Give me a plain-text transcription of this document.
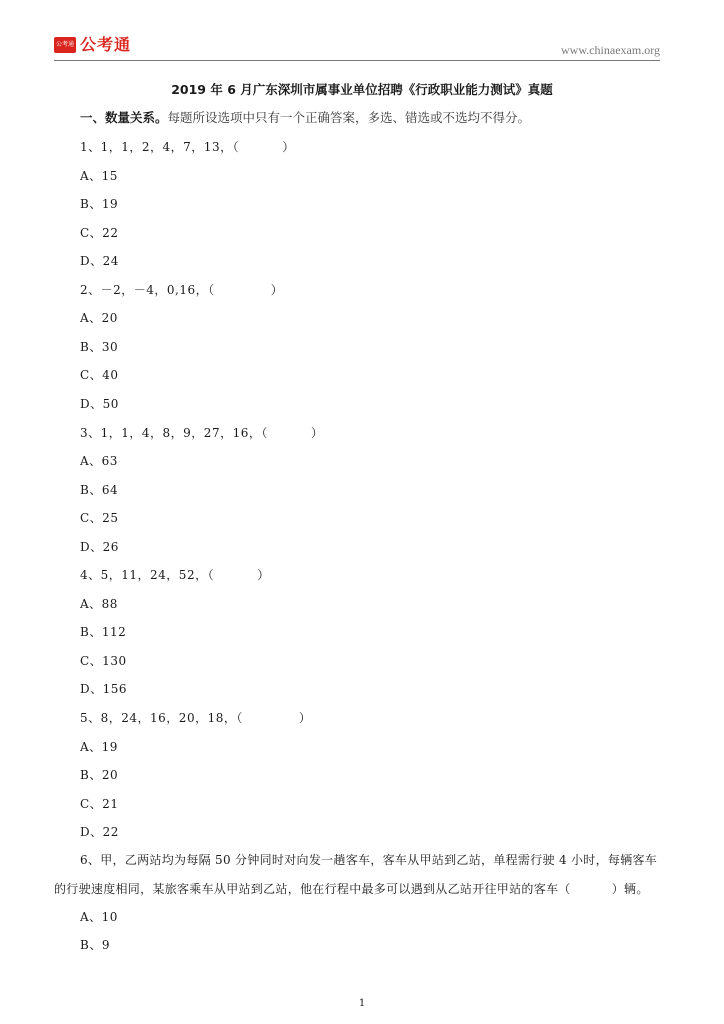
公考通 公考通	www.chinaexam.org
2019 年 6 月广东深圳市属事业单位招聘《行政职业能力测试》真题
一、数量关系。每题所设选项中只有一个正确答案，多选、错选或不选均不得分。
1、1，1，2，4，7，13，（          ）
A、15
B、19
C、22
D、24
2、－2，－4，0,16，（             ）
A、20
B、30
C、40
D、50
3、1，1，4，8，9，27，16，（          ）
A、63
B、64
C、25
D、26
4、5，11，24，52，（          ）
A、88
B、112
C、130
D、156
5、8，24，16，20，18，（             ）
A、19
B、20
C、21
D、22
6、甲，乙两站均为每隔 50 分钟同时对向发一趟客车，客车从甲站到乙站，单程需行驶 4 小时，每辆客车
的行驶速度相同，某旅客乘车从甲站到乙站，他在行程中最多可以遇到从乙站开往甲站的客车（          ）辆。
A、10
B、9
1
